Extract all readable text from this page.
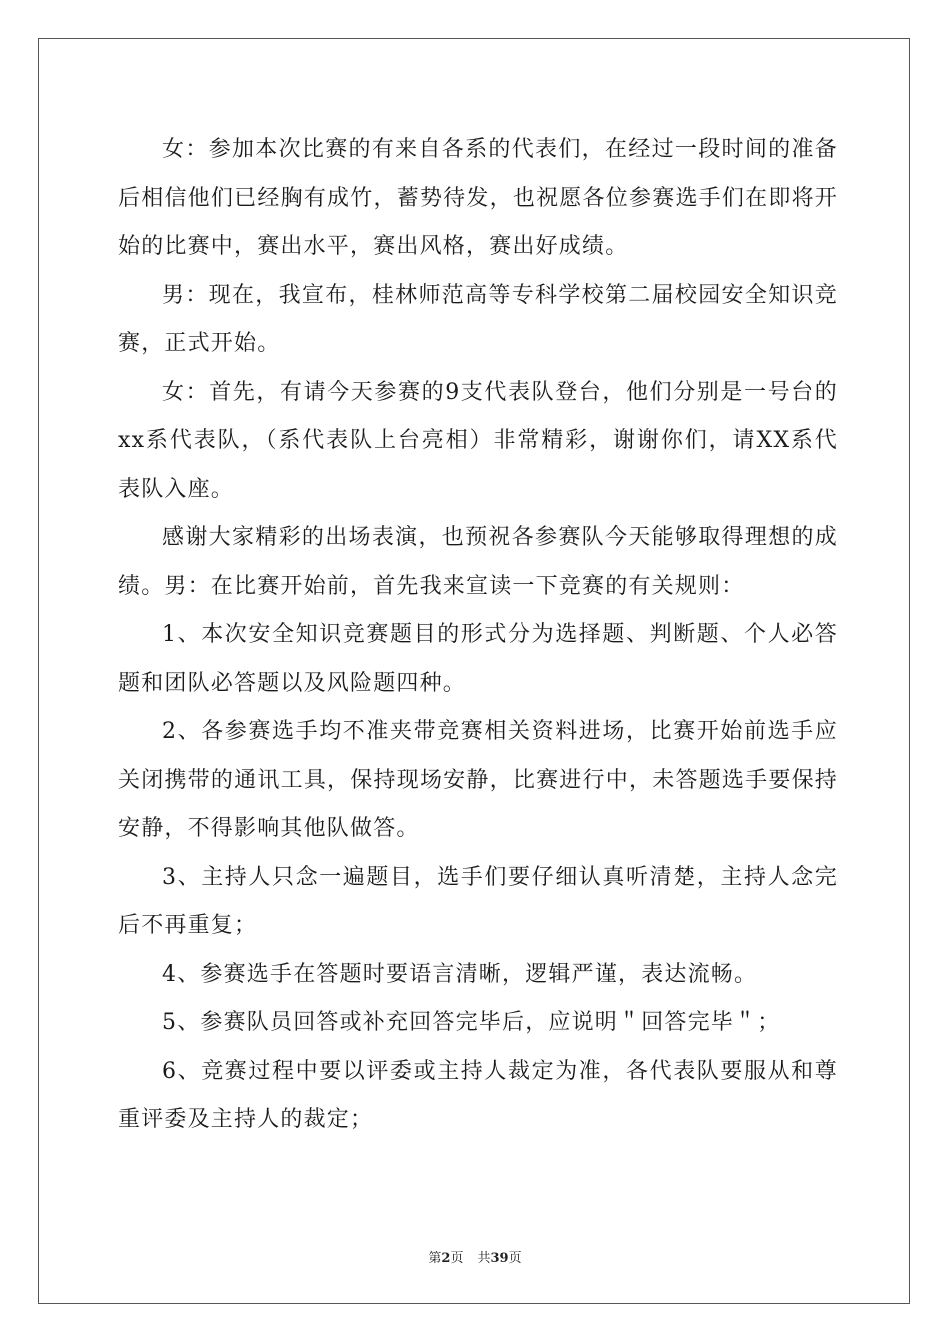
女：参加本次比赛的有来自各系的代表们，在经过一段时间的准备后相信他们已经胸有成竹，蓄势待发，也祝愿各位参赛选手们在即将开始的比赛中，赛出水平，赛出风格，赛出好成绩。

男：现在，我宣布，桂林师范高等专科学校第二届校园安全知识竞赛，正式开始。

女：首先，有请今天参赛的9支代表队登台，他们分别是一号台的xx系代表队，（系代表队上台亮相）非常精彩，谢谢你们，请XX系代表队入座。

感谢大家精彩的出场表演，也预祝各参赛队今天能够取得理想的成绩。男：在比赛开始前，首先我来宣读一下竞赛的有关规则：

1、本次安全知识竞赛题目的形式分为选择题、判断题、个人必答题和团队必答题以及风险题四种。

2、各参赛选手均不准夹带竞赛相关资料进场，比赛开始前选手应关闭携带的通讯工具，保持现场安静，比赛进行中，未答题选手要保持安静，不得影响其他队做答。

3、主持人只念一遍题目，选手们要仔细认真听清楚，主持人念完后不再重复；

4、参赛选手在答题时要语言清晰，逻辑严谨，表达流畅。

5、参赛队员回答或补充回答完毕后，应说明＂回答完毕＂；

6、竞赛过程中要以评委或主持人裁定为准，各代表队要服从和尊重评委及主持人的裁定；

第2页 共39页
